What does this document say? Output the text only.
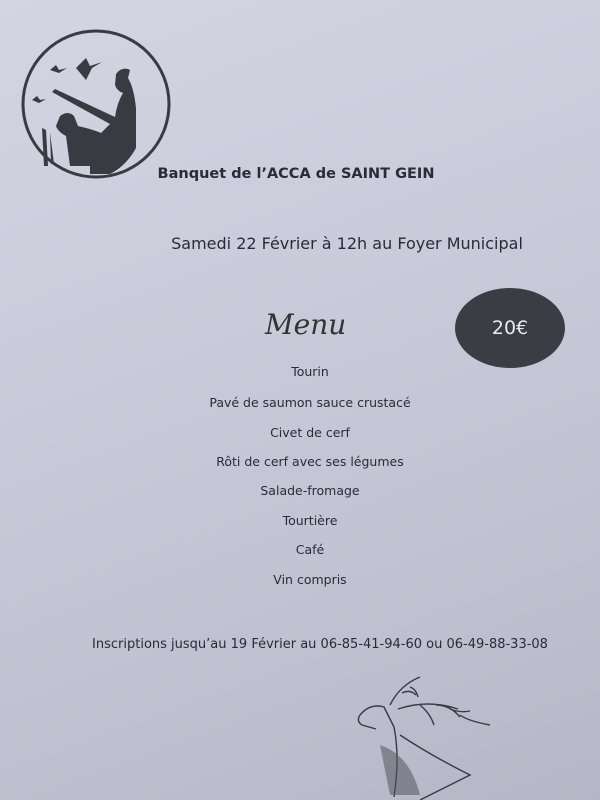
Banquet de l’ACCA de SAINT GEIN
Samedi 22 Février à 12h au Foyer Municipal
Menu	20€
Tourin
Pavé de saumon sauce crustacé
Civet de cerf
Rôti de cerf avec ses légumes
Salade-fromage
Tourtière
Café
Vin compris
Inscriptions jusqu’au 19 Février au 06-85-41-94-60 ou 06-49-88-33-08
